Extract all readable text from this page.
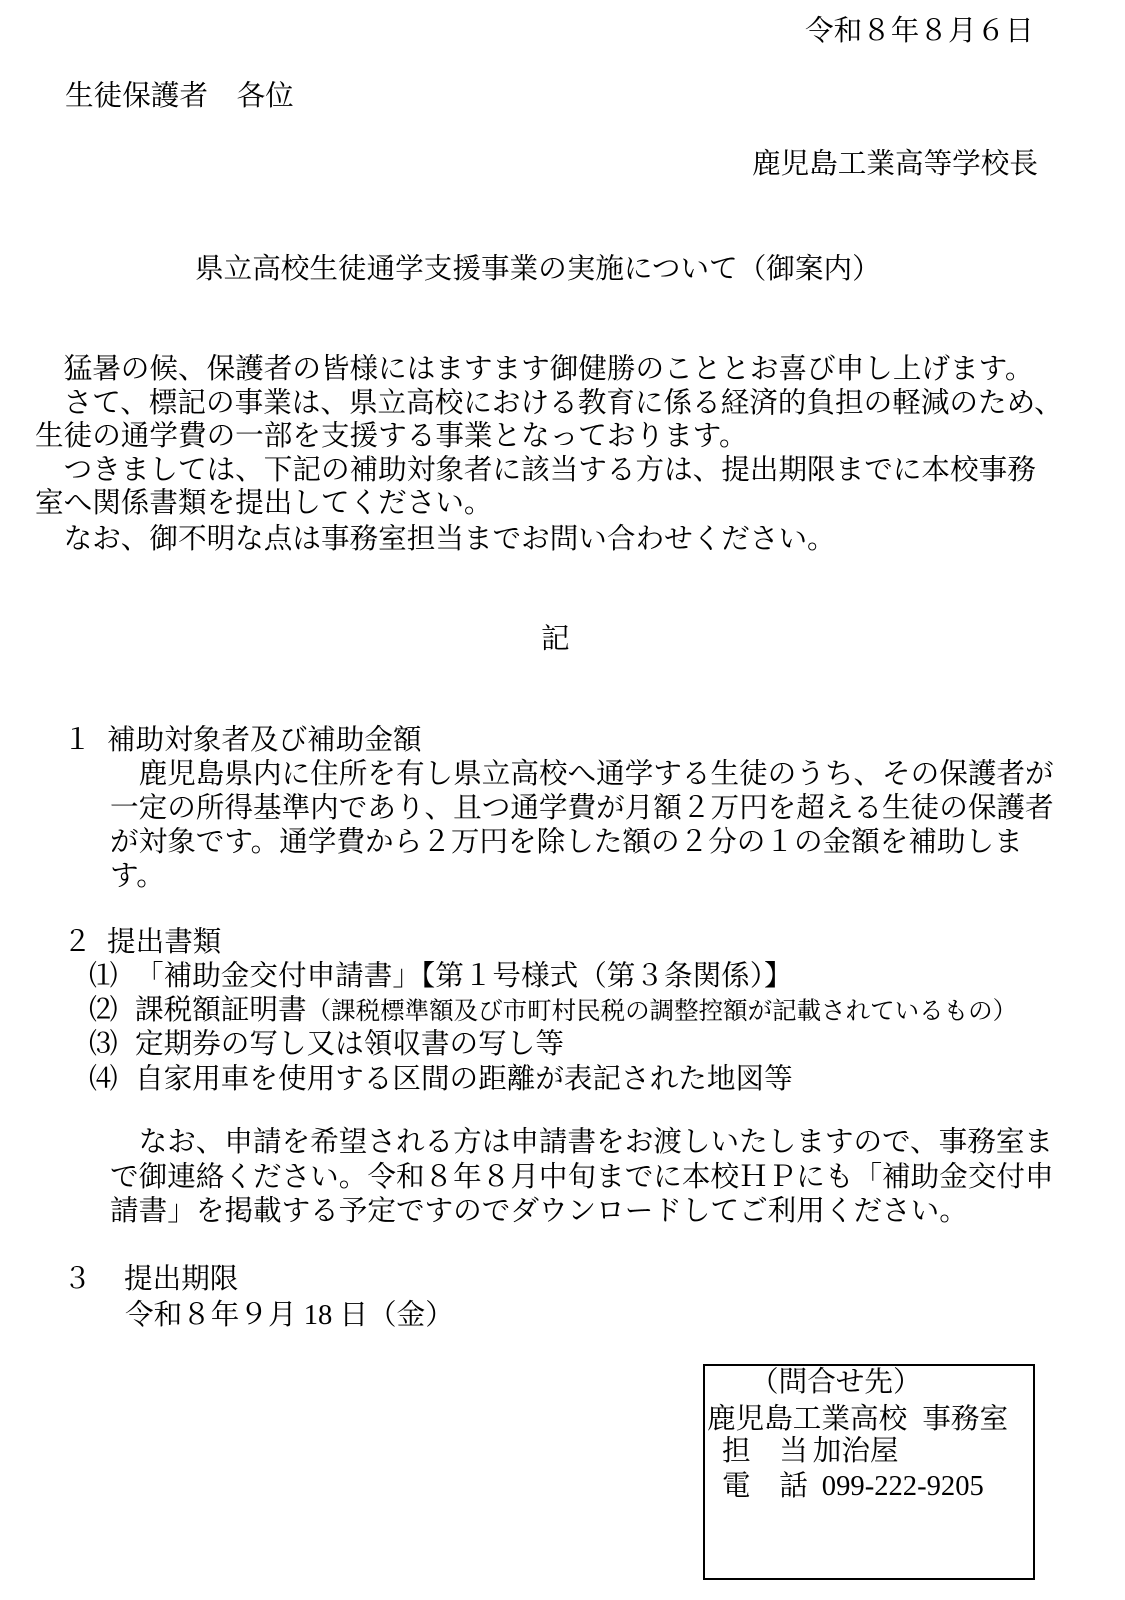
令和８年８月６日
生徒保護者　各位
鹿児島工業高等学校長
県立高校生徒通学支援事業の実施について（御案内）
　猛暑の候、保護者の皆様にはますます御健勝のこととお喜び申し上げます。
　さて、標記の事業は、県立高校における教育に係る経済的負担の軽減のため、
生徒の通学費の一部を支援する事業となっております。
　つきましては、下記の補助対象者に該当する方は、提出期限までに本校事務
室へ関係書類を提出してください。
　なお、御不明な点は事務室担当までお問い合わせください。
記
１ 補助対象者及び補助金額
　鹿児島県内に住所を有し県立高校へ通学する生徒のうち、その保護者が
一定の所得基準内であり、且つ通学費が月額２万円を超える生徒の保護者
が対象です。通学費から２万円を除した額の２分の１の金額を補助しま
す。
２ 提出書類
⑴ 「補助金交付申請書」【第１号様式（第３条関係）】
⑵ 課税額証明書（課税標準額及び市町村民税の調整控額が記載されているもの）
⑶ 定期券の写し又は領収書の写し等
⑷ 自家用車を使用する区間の距離が表記された地図等
　なお、申請を希望される方は申請書をお渡しいたしますので、事務室ま
で御連絡ください。令和８年８月中旬までに本校ＨＰにも「補助金交付申
請書」を掲載する予定ですのでダウンロードしてご利用ください。
３ 提出期限
令和８年９月 18 日（金）
（問合せ先）
鹿児島工業高校 事務室
担　当 加治屋
電　話 099-222-9205
